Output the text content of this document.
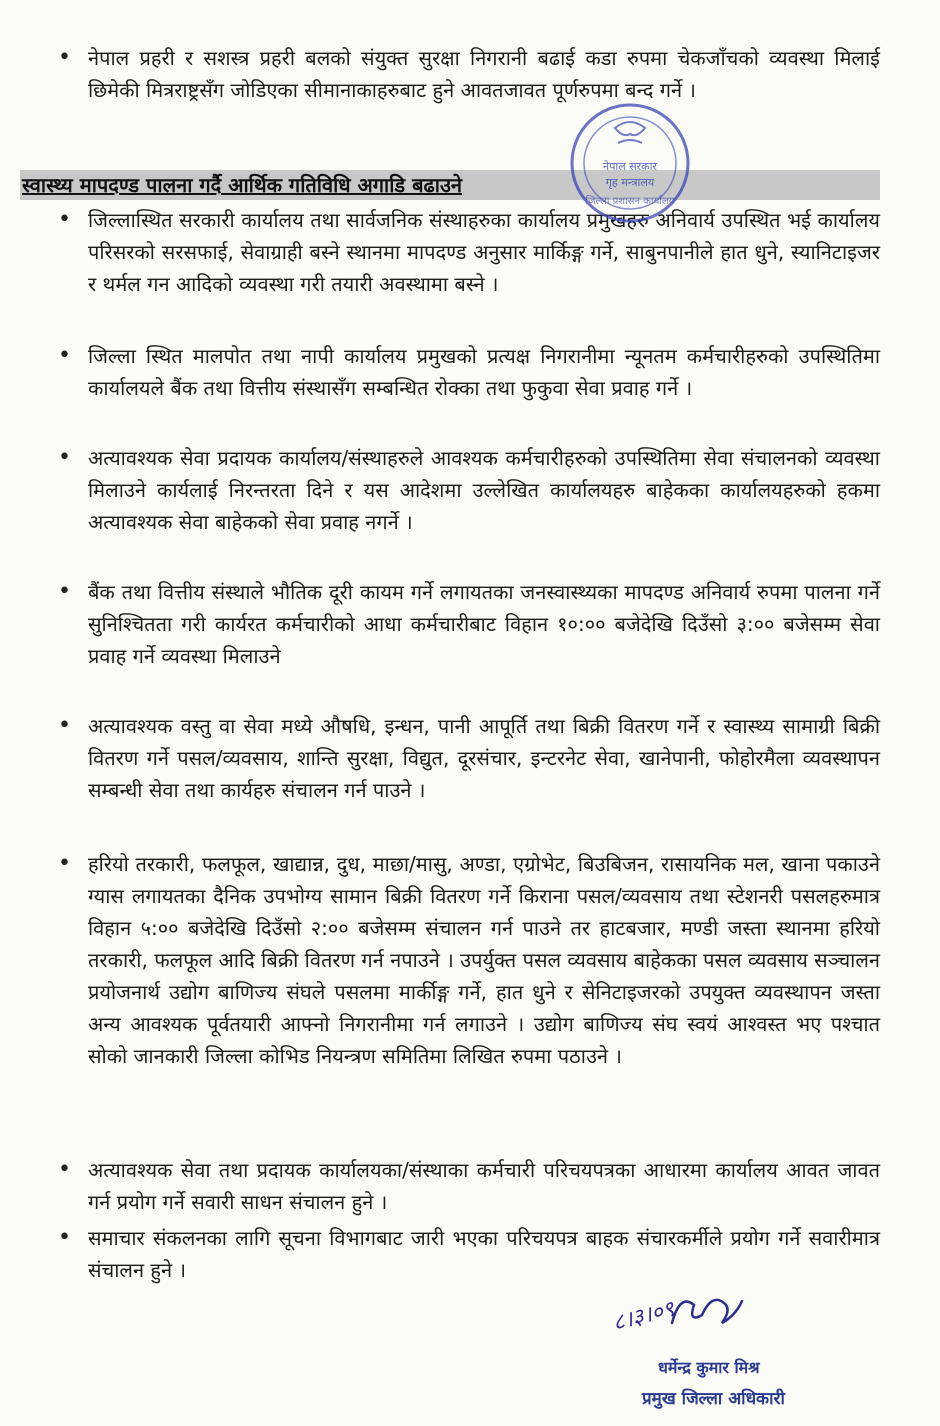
• नेपाल प्रहरी र सशस्त्र प्रहरी बलको संयुक्त सुरक्षा निगरानी बढाई कडा रुपमा चेकजाँचको व्यवस्था मिलाई छिमेकी मित्रराष्ट्रसँग जोडिएका सीमानाकाहरुबाट हुने आवतजावत पूर्णरुपमा बन्द गर्ने ।
स्वास्थ्य मापदण्ड पालना गर्दै आर्थिक गतिविधि अगाडि बढाउने
• जिल्लास्थित सरकारी कार्यालय तथा सार्वजनिक संस्थाहरुका कार्यालय प्रमुखहरु अनिवार्य उपस्थित भई कार्यालय परिसरको सरसफाई, सेवाग्राही बस्ने स्थानमा मापदण्ड अनुसार मार्किङ्ग गर्ने, साबुनपानीले हात धुने, स्यानिटाइजर र थर्मल गन आदिको व्यवस्था गरी तयारी अवस्थामा बस्ने ।
• जिल्ला स्थित मालपोत तथा नापी कार्यालय प्रमुखको प्रत्यक्ष निगरानीमा न्यूनतम कर्मचारीहरुको उपस्थितिमा कार्यालयले बैंक तथा वित्तीय संस्थासँग सम्बन्धित रोक्का तथा फुकुवा सेवा प्रवाह गर्ने ।
• अत्यावश्यक सेवा प्रदायक कार्यालय/संस्थाहरुले आवश्यक कर्मचारीहरुको उपस्थितिमा सेवा संचालनको व्यवस्था मिलाउने कार्यलाई निरन्तरता दिने र यस आदेशमा उल्लेखित कार्यालयहरु बाहेकका कार्यालयहरुको हकमा अत्यावश्यक सेवा बाहेकको सेवा प्रवाह नगर्ने ।
• बैंक तथा वित्तीय संस्थाले भौतिक दूरी कायम गर्ने लगायतका जनस्वास्थ्यका मापदण्ड अनिवार्य रुपमा पालना गर्ने सुनिश्चितता गरी कार्यरत कर्मचारीको आधा कर्मचारीबाट विहान १०:०० बजेदेखि दिउँसो ३:०० बजेसम्म सेवा प्रवाह गर्ने व्यवस्था मिलाउने
• अत्यावश्यक वस्तु वा सेवा मध्ये औषधि, इन्धन, पानी आपूर्ति तथा बिक्री वितरण गर्ने र स्वास्थ्य सामाग्री बिक्री वितरण गर्ने पसल/व्यवसाय, शान्ति सुरक्षा, विद्युत, दूरसंचार, इन्टरनेट सेवा, खानेपानी, फोहोरमैला व्यवस्थापन सम्बन्धी सेवा तथा कार्यहरु संचालन गर्न पाउने ।
• हरियो तरकारी, फलफूल, खाद्यान्न, दुध, माछा/मासु, अण्डा, एग्रोभेट, बिउबिजन, रासायनिक मल, खाना पकाउने ग्यास लगायतका दैनिक उपभोग्य सामान बिक्री वितरण गर्ने किराना पसल/व्यवसाय तथा स्टेशनरी पसलहरुमात्र विहान ५:०० बजेदेखि दिउँसो २:०० बजेसम्म संचालन गर्न पाउने तर हाटबजार, मण्डी जस्ता स्थानमा हरियो तरकारी, फलफूल आदि बिक्री वितरण गर्न नपाउने । उपर्युक्त पसल व्यवसाय बाहेकका पसल व्यवसाय सञ्चालन प्रयोजनार्थ उद्योग बाणिज्य संघले पसलमा मार्कीङ्ग गर्ने, हात धुने र सेनिटाइजरको उपयुक्त व्यवस्थापन जस्ता अन्य आवश्यक पूर्वतयारी आफ्नो निगरानीमा गर्न लगाउने । उद्योग बाणिज्य संघ स्वयं आश्वस्त भए पश्चात सोको जानकारी जिल्ला कोभिड नियन्त्रण समितिमा लिखित रुपमा पठाउने ।
• अत्यावश्यक सेवा तथा प्रदायक कार्यालयका/संस्थाका कर्मचारी परिचयपत्रका आधारमा कार्यालय आवत जावत गर्न प्रयोग गर्ने सवारी साधन संचालन हुने ।
• समाचार संकलनका लागि सूचना विभागबाट जारी भएका परिचयपत्र बाहक संचारकर्मीले प्रयोग गर्ने सवारीमात्र संचालन हुने ।
नेपाल सरकार
गृह मन्त्रालय
जिल्ला प्रशासन कार्यालय
८।३।०९
धर्मेन्द्र कुमार मिश्र
प्रमुख जिल्ला अधिकारी
